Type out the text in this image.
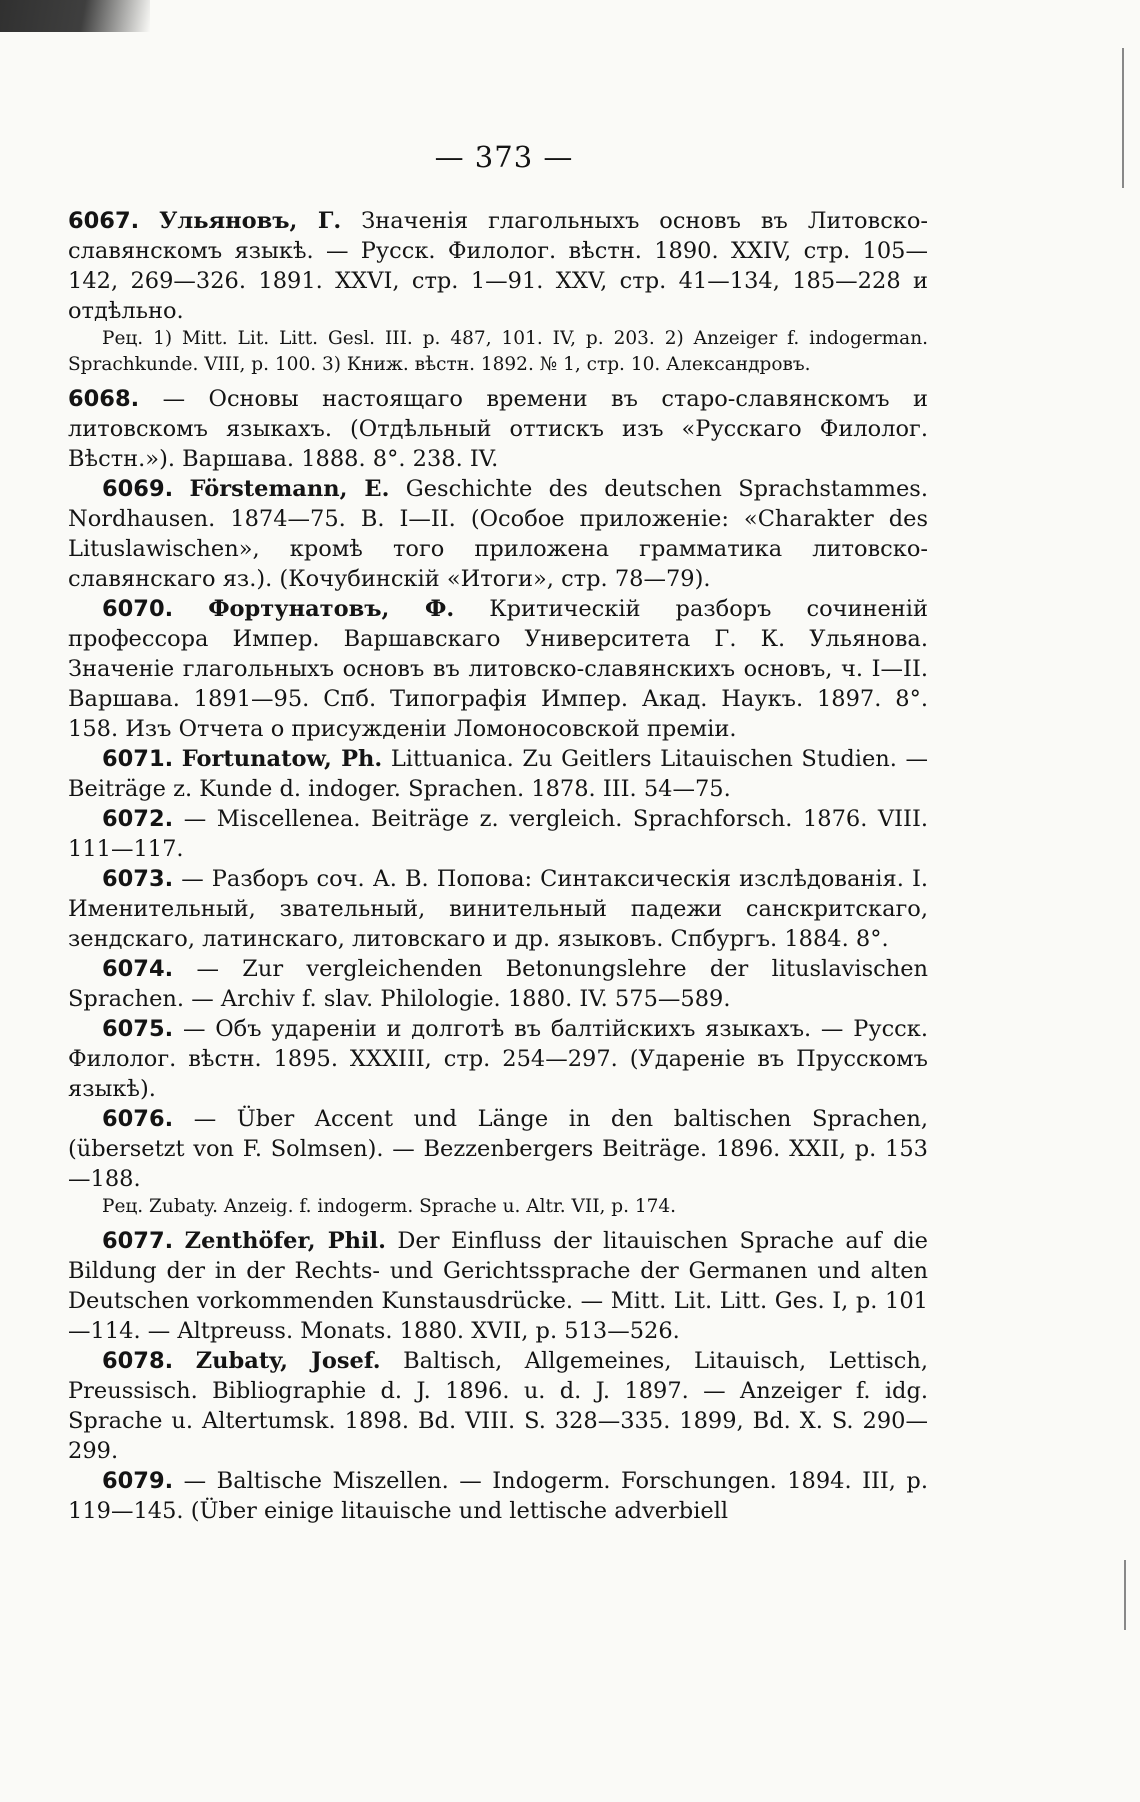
— 373 —

6067. Ульяновъ, Г. Значенія глагольныхъ основъ въ Литовско-славянскомъ языкѣ. — Русск. Филолог. вѣстн. 1890. XXIV, стр. 105—142, 269—326. 1891. XXVI, стр. 1—91. XXV, стр. 41—134, 185—228 и отдѣльно.

Рец. 1) Mitt. Lit. Litt. Gesl. III. p. 487, 101. IV, p. 203. 2) Anzeiger f. indogerman. Sprachkunde. VIII, p. 100. 3) Книж. вѣстн. 1892. № 1, стр. 10. Александровъ.

6068. — Основы настоящаго времени въ старо-славянскомъ и литовскомъ языкахъ. (Отдѣльный оттискъ изъ «Русскаго Филолог. Вѣстн.»). Варшава. 1888. 8°. 238. IV.

6069. Förstemann, E. Geschichte des deutschen Sprachstammes. Nordhausen. 1874—75. B. I—II. (Особое приложеніе: «Charakter des Lituslawischen», кромѣ того приложена грамматика литовско-славянскаго яз.). (Кочубинскій «Итоги», стр. 78—79).

6070. Фортунатовъ, Ф. Критическій разборъ сочиненій профессора Импер. Варшавскаго Университета Г. К. Ульянова. Значеніе глагольныхъ основъ въ литовско-славянскихъ основъ, ч. I—II. Варшава. 1891—95. Спб. Типографія Импер. Акад. Наукъ. 1897. 8°. 158. Изъ Отчета о присужденіи Ломоносовской преміи.

6071. Fortunatow, Ph. Littuanica. Zu Geitlers Litauischen Studien. — Beiträge z. Kunde d. indoger. Sprachen. 1878. III. 54—75.

6072. — Miscellenea. Beiträge z. vergleich. Sprachforsch. 1876. VIII. 111—117.

6073. — Разборъ соч. А. В. Попова: Синтаксическія изслѣдованія. I. Именительный, звательный, винительный падежи санскритскаго, зендскаго, латинскаго, литовскаго и др. языковъ. Спбургъ. 1884. 8°.

6074. — Zur vergleichenden Betonungslehre der lituslavischen Sprachen. — Archiv f. slav. Philologie. 1880. IV. 575—589.

6075. — Объ удареніи и долготѣ въ балтійскихъ языкахъ. — Русск. Филолог. вѣстн. 1895. XXXIII, стр. 254—297. (Удареніе въ Прусскомъ языкѣ).

6076. — Über Accent und Länge in den baltischen Sprachen, (übersetzt von F. Solmsen). — Bezzenbergers Beiträge. 1896. XXII, p. 153—188.

Рец. Zubaty. Anzeig. f. indogerm. Sprache u. Altr. VII, p. 174.

6077. Zenthöfer, Phil. Der Einfluss der litauischen Sprache auf die Bildung der in der Rechts- und Gerichtssprache der Germanen und alten Deutschen vorkommenden Kunstausdrücke. — Mitt. Lit. Litt. Ges. I, p. 101—114. — Altpreuss. Monats. 1880. XVII, p. 513—526.

6078. Zubaty, Josef. Baltisch, Allgemeines, Litauisch, Lettisch, Preussisch. Bibliographie d. J. 1896. u. d. J. 1897. — Anzeiger f. idg. Sprache u. Altertumsk. 1898. Bd. VIII. S. 328—335. 1899, Bd. X. S. 290—299.

6079. — Baltische Miszellen. — Indogerm. Forschungen. 1894. III, p. 119—145. (Über einige litauische und lettische adverbiell
